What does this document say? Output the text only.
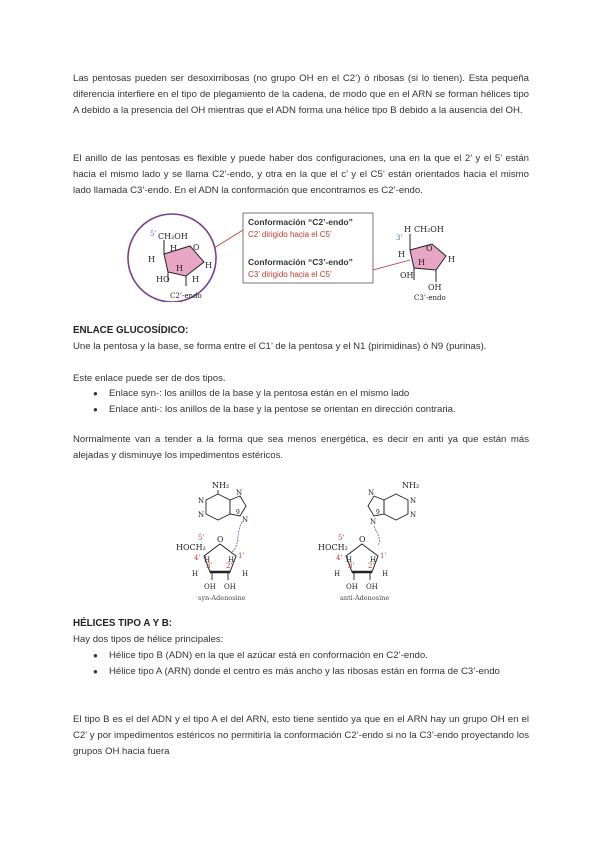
Las pentosas pueden ser desoxirribosas (no grupo OH en el C2’) ó ribosas (si lo tienen). Esta pequeña diferencia interfiere en el tipo de plegamiento de la cadena, de modo que en el ARN se forman hélices tipo A debido a la presencia del OH mientras que el ADN forma una hélice tipo B debido a la ausencia del OH.

El anillo de las pentosas es flexible y puede haber dos configuraciones, una en la que el 2’ y el 5’ están hacia el mismo lado y se llama C2’-endo, y otra en la que el c’ y el C5’ están orientados hacia el mismo lado llamada C3’-endo. En el ADN la conformación que encontramos es C2’-endo.

5’ CH₂OH
O
H
H
H
H
HO	H
C2’-endo
Conformación “C2’-endo”
C2’ dirigido hacia el C5’
Conformación “C3’-endo”
C3’ dirigido hacia el C5’
H CH₂OH
3’
O
H
H
H
OH
OH
C3’-endo
ENLACE GLUCOSÍDICO:
Une la pentosa y la base, se forma entre el C1’ de la pentosa y el N1 (pirimidinas) ó N9 (purinas).
Este enlace puede ser de dos tipos.
● Enlace syn-: los anillos de la base y la pentosa están en el mismo lado
● Enlace anti-: los anillos de la base y la pentose se orientan en dirección contraria.

Normalmente van a tender a la forma que sea menos energética, es decir en anti ya que están más alejadas y disminuye los impedimentos estéricos.

NH₂
N
N
N
N
9
HOCH₂
5’ O
1’
4’
3’ 2’
H	H
H	H
OH OH
syn-Adenosine
NH₂
N
N
N
N
9
HOCH₂
5’ O
1’
4’
3’ 2’
H	H
H	H
OH OH
anti-Adenosine
HÉLICES TIPO A Y B:
Hay dos tipos de hélice principales:
● Hélice tipo B (ADN) en la que el azúcar está en conformación en C2’-endo.
● Hélice tipo A (ARN) donde el centro es más ancho y las ribosas están en forma de C3’-endo

El tipo B es el del ADN y el tipo A el del ARN, esto tiene sentido ya que en el ARN hay un grupo OH en el C2’ y por impedimentos estéricos no permitiría la conformación C2’-endo si no la C3’-endo proyectando los grupos OH hacia fuera
